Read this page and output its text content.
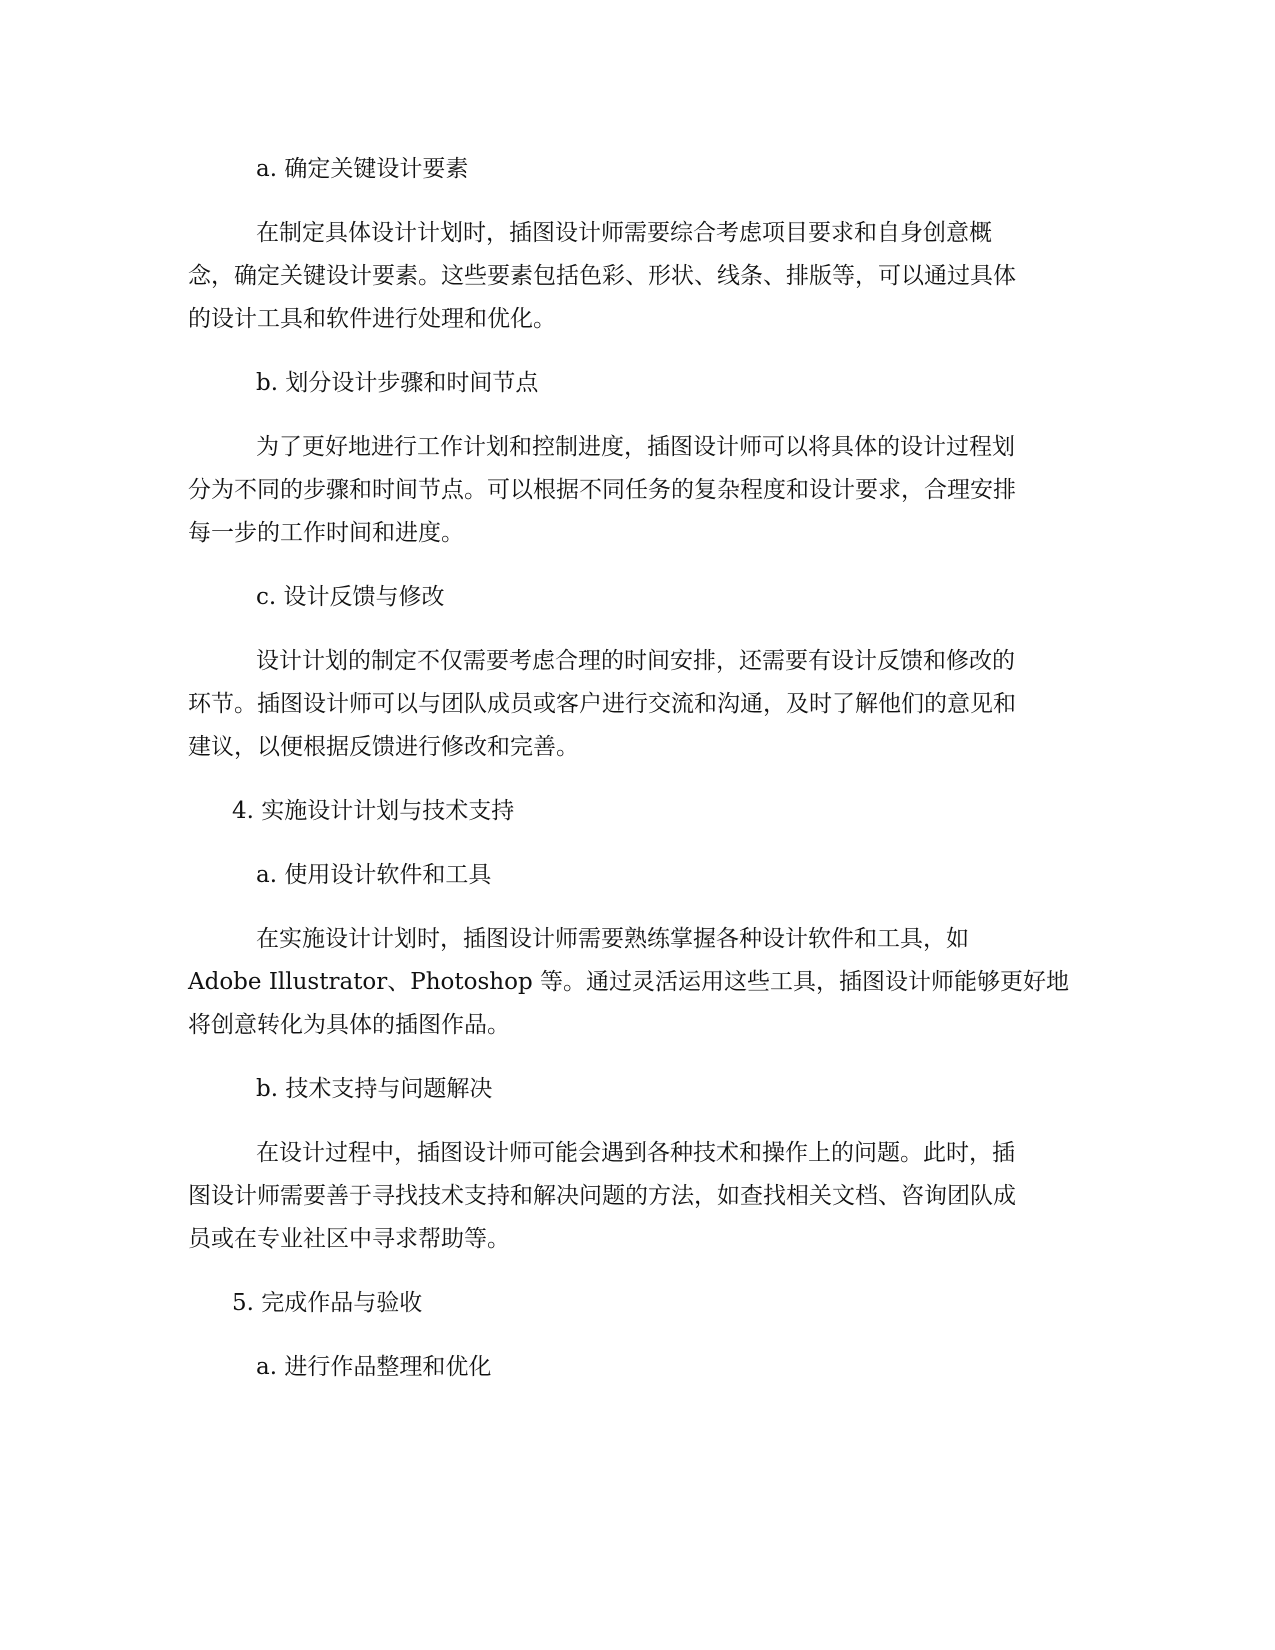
a. 确定关键设计要素

在制定具体设计计划时，插图设计师需要综合考虑项目要求和自身创意概

念，确定关键设计要素。这些要素包括色彩、形状、线条、排版等，可以通过具体

的设计工具和软件进行处理和优化。

b. 划分设计步骤和时间节点

为了更好地进行工作计划和控制进度，插图设计师可以将具体的设计过程划

分为不同的步骤和时间节点。可以根据不同任务的复杂程度和设计要求，合理安排

每一步的工作时间和进度。

c. 设计反馈与修改

设计计划的制定不仅需要考虑合理的时间安排，还需要有设计反馈和修改的

环节。插图设计师可以与团队成员或客户进行交流和沟通，及时了解他们的意见和

建议，以便根据反馈进行修改和完善。

4. 实施设计计划与技术支持

a. 使用设计软件和工具

在实施设计计划时，插图设计师需要熟练掌握各种设计软件和工具，如

Adobe Illustrator、Photoshop 等。通过灵活运用这些工具，插图设计师能够更好地

将创意转化为具体的插图作品。

b. 技术支持与问题解决

在设计过程中，插图设计师可能会遇到各种技术和操作上的问题。此时，插

图设计师需要善于寻找技术支持和解决问题的方法，如查找相关文档、咨询团队成

员或在专业社区中寻求帮助等。

5. 完成作品与验收

a. 进行作品整理和优化
